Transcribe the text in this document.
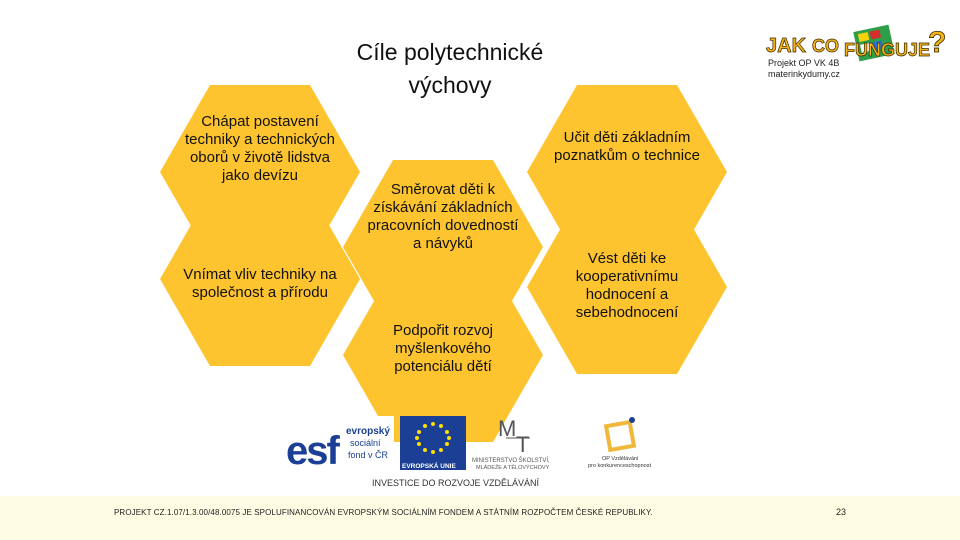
Cíle polytechnické
výchovy
JAK CO FUNGUJE
?
Projekt OP VK 4B
materinkydumy.cz
Chápat postavení
techniky a technických
oborů v životě lidstva
jako devízu
Učit děti základním
poznatkům o technice
Směrovat děti k
získávání základních
pracovních dovedností
a návyků
Vnímat vliv techniky na
společnost a přírodu
Vést děti ke
kooperativnímu
hodnocení a
sebehodnocení
Podpořit rozvoj
myšlenkového
potenciálu dětí
esf evropský
sociální
fond v ČR
EVROPSKÁ UNIE
M
T
MINISTERSTVO ŠKOLSTVÍ,
MLÁDEŽE A TĚLOVÝCHOVY
OP Vzdělávání
pro konkurenceschopnost
INVESTICE DO ROZVOJE VZDĚLÁVÁNÍ
PROJEKT CZ.1.07/1.3.00/48.0075 JE SPOLUFINANCOVÁN EVROPSKÝM SOCIÁLNÍM FONDEM A STÁTNÍM ROZPOČTEM ČESKÉ REPUBLIKY.	23
